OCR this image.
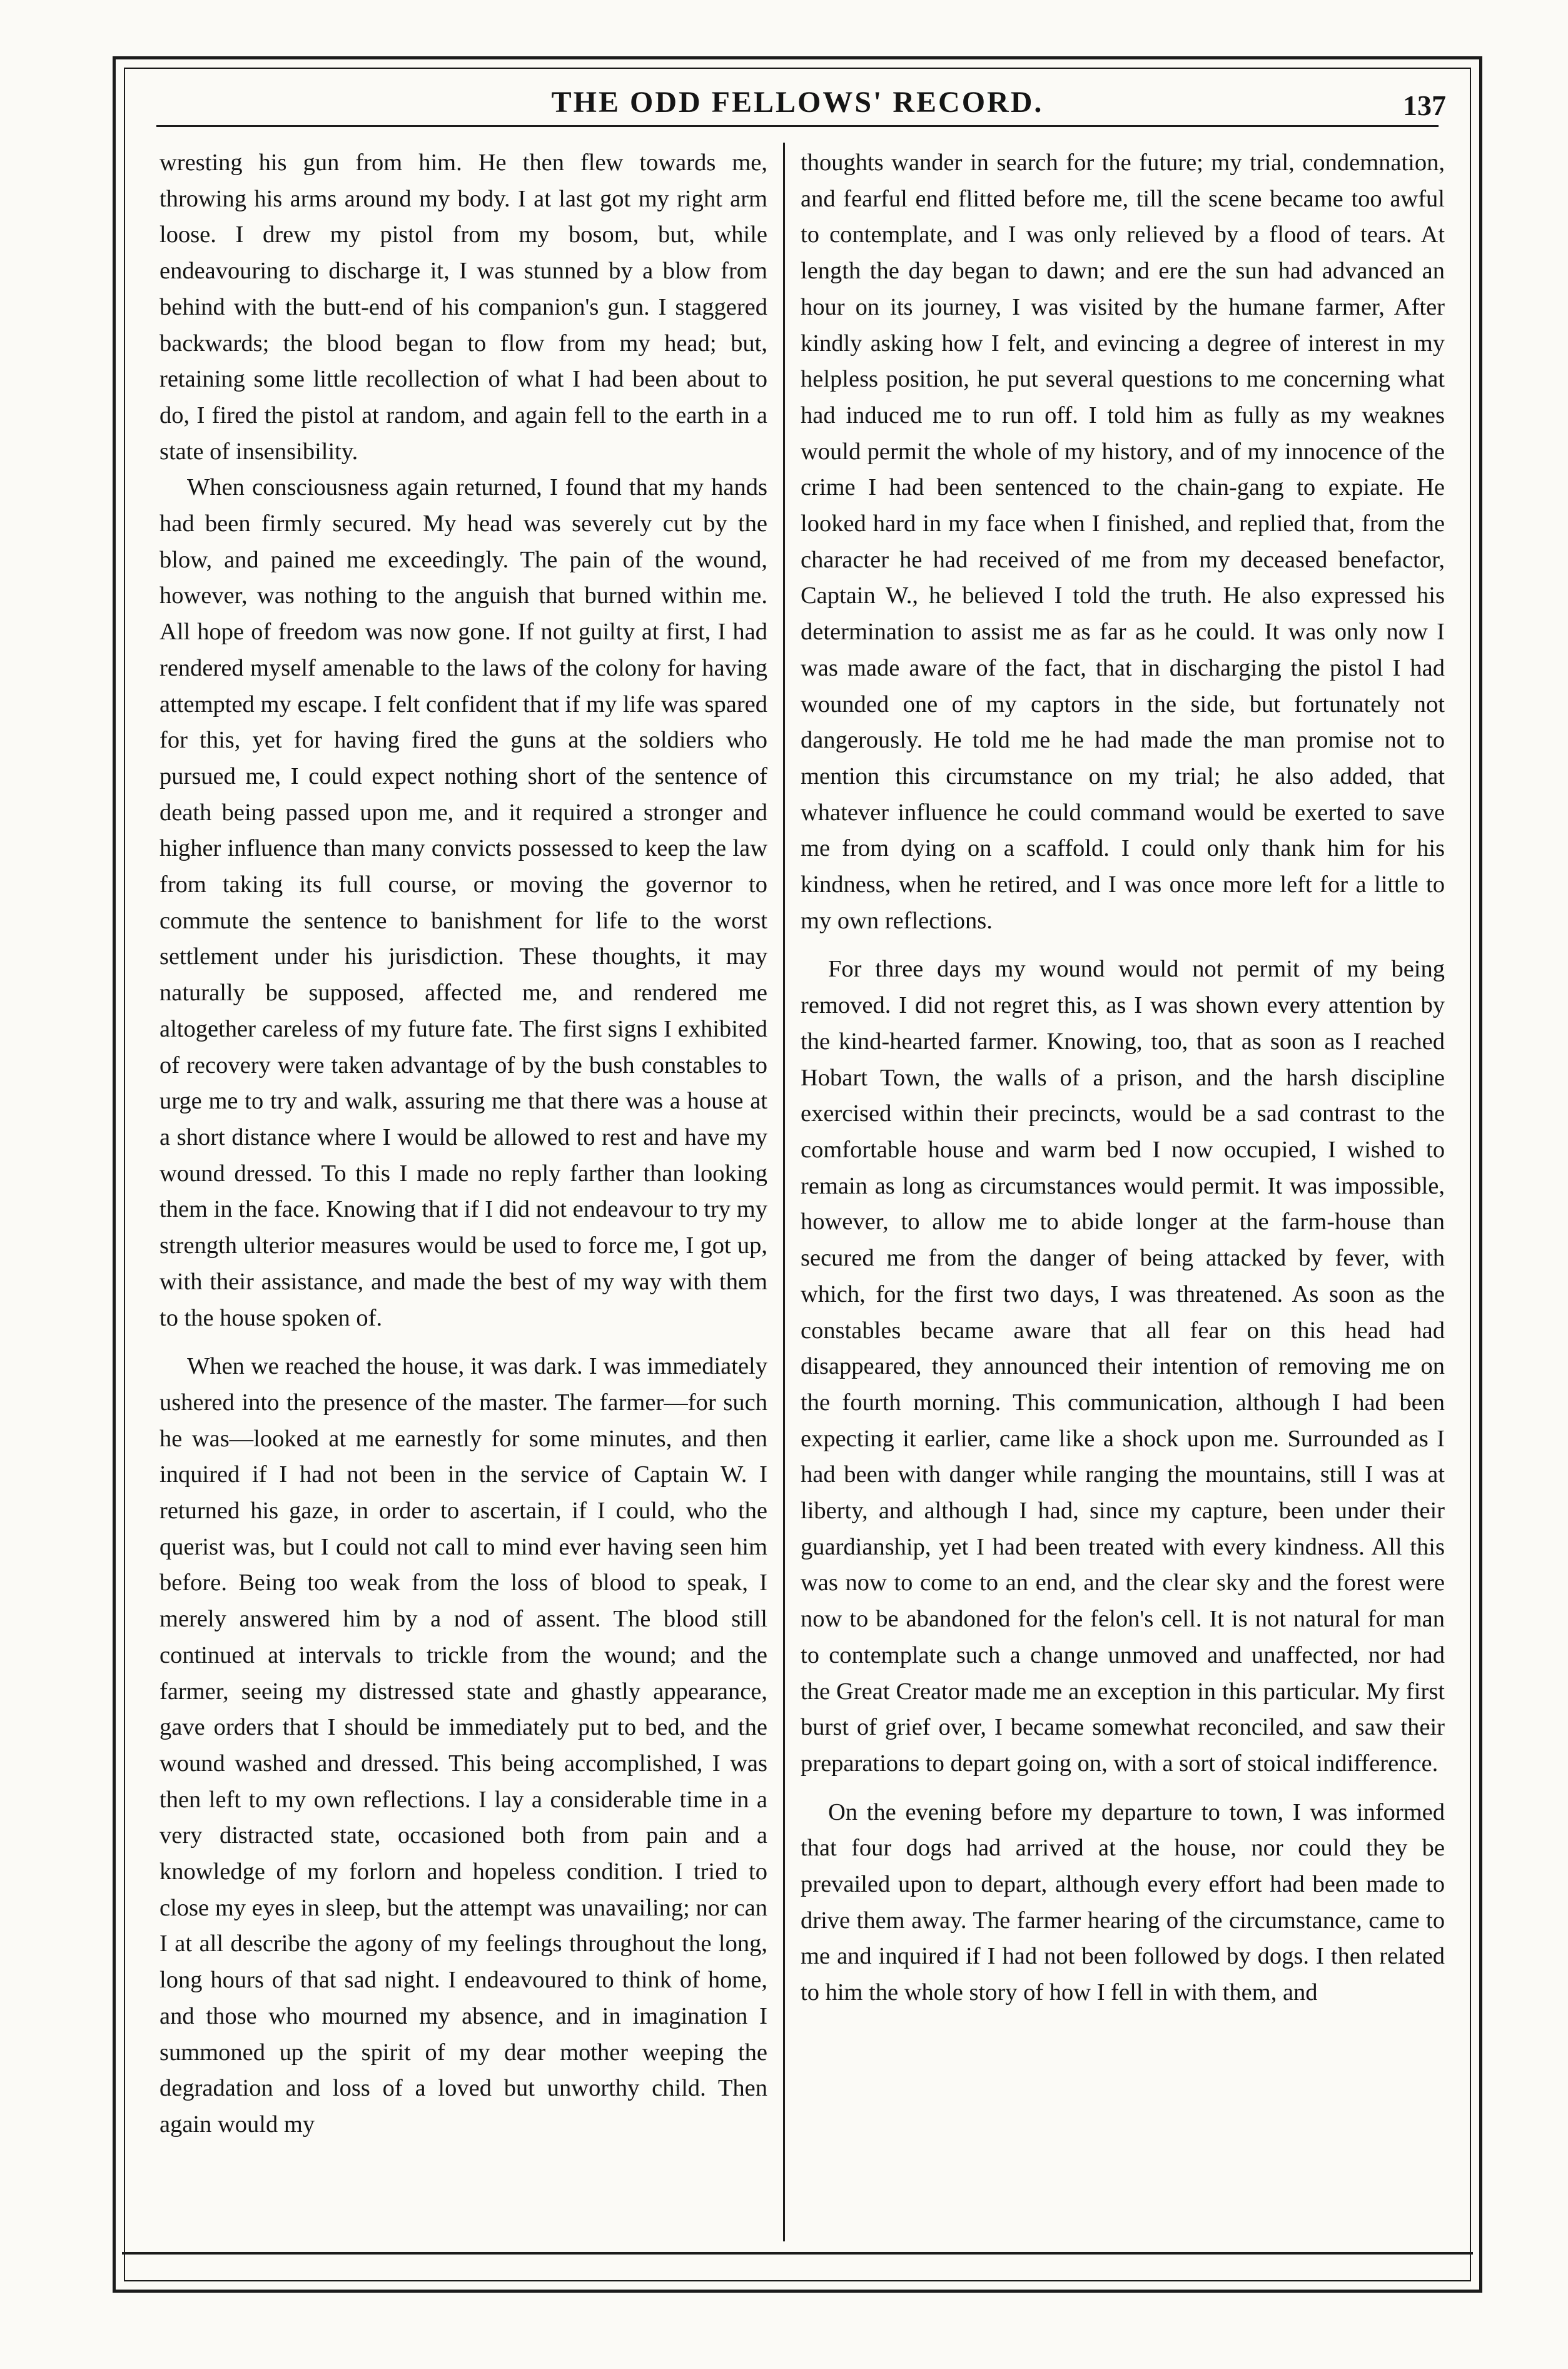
THE ODD FELLOWS' RECORD.	137

wresting his gun from him. He then flew towards me, throwing his arms around my body. I at last got my right arm loose. I drew my pistol from my bosom, but, while endeavouring to discharge it, I was stunned by a blow from behind with the butt-end of his companion's gun. I staggered backwards; the blood began to flow from my head; but, retaining some little recollection of what I had been about to do, I fired the pistol at random, and again fell to the earth in a state of insensibility.

When consciousness again returned, I found that my hands had been firmly secured. My head was severely cut by the blow, and pained me exceedingly. The pain of the wound, however, was nothing to the anguish that burned within me. All hope of freedom was now gone. If not guilty at first, I had rendered myself amenable to the laws of the colony for having attempted my escape. I felt confident that if my life was spared for this, yet for having fired the guns at the soldiers who pursued me, I could expect nothing short of the sentence of death being passed upon me, and it required a stronger and higher influence than many convicts possessed to keep the law from taking its full course, or moving the governor to commute the sentence to banishment for life to the worst settlement under his jurisdiction. These thoughts, it may naturally be supposed, affected me, and rendered me altogether careless of my future fate. The first signs I exhibited of recovery were taken advantage of by the bush constables to urge me to try and walk, assuring me that there was a house at a short distance where I would be allowed to rest and have my wound dressed. To this I made no reply farther than looking them in the face. Knowing that if I did not endeavour to try my strength ulterior measures would be used to force me, I got up, with their assistance, and made the best of my way with them to the house spoken of.

When we reached the house, it was dark. I was immediately ushered into the presence of the master. The farmer—for such he was—looked at me earnestly for some minutes, and then inquired if I had not been in the service of Captain W. I returned his gaze, in order to ascertain, if I could, who the querist was, but I could not call to mind ever having seen him before. Being too weak from the loss of blood to speak, I merely answered him by a nod of assent. The blood still continued at intervals to trickle from the wound; and the farmer, seeing my distressed state and ghastly appearance, gave orders that I should be immediately put to bed, and the wound washed and dressed. This being accomplished, I was then left to my own reflections. I lay a considerable time in a very distracted state, occasioned both from pain and a knowledge of my forlorn and hopeless condition. I tried to close my eyes in sleep, but the attempt was unavailing; nor can I at all describe the agony of my feelings throughout the long, long hours of that sad night. I endeavoured to think of home, and those who mourned my absence, and in imagination I summoned up the spirit of my dear mother weeping the degradation and loss of a loved but unworthy child. Then again would my

thoughts wander in search for the future; my trial, condemnation, and fearful end flitted before me, till the scene became too awful to contemplate, and I was only relieved by a flood of tears. At length the day began to dawn; and ere the sun had advanced an hour on its journey, I was visited by the humane farmer, After kindly asking how I felt, and evincing a degree of interest in my helpless position, he put several questions to me concerning what had induced me to run off. I told him as fully as my weaknes would permit the whole of my history, and of my innocence of the crime I had been sentenced to the chain-gang to expiate. He looked hard in my face when I finished, and replied that, from the character he had received of me from my deceased benefactor, Captain W., he believed I told the truth. He also expressed his determination to assist me as far as he could. It was only now I was made aware of the fact, that in discharging the pistol I had wounded one of my captors in the side, but fortunately not dangerously. He told me he had made the man promise not to mention this circumstance on my trial; he also added, that whatever influence he could command would be exerted to save me from dying on a scaffold. I could only thank him for his kindness, when he retired, and I was once more left for a little to my own reflections.

For three days my wound would not permit of my being removed. I did not regret this, as I was shown every attention by the kind-hearted farmer. Knowing, too, that as soon as I reached Hobart Town, the walls of a prison, and the harsh discipline exercised within their precincts, would be a sad contrast to the comfortable house and warm bed I now occupied, I wished to remain as long as circumstances would permit. It was impossible, however, to allow me to abide longer at the farm-house than secured me from the danger of being attacked by fever, with which, for the first two days, I was threatened. As soon as the constables became aware that all fear on this head had disappeared, they announced their intention of removing me on the fourth morning. This communication, although I had been expecting it earlier, came like a shock upon me. Surrounded as I had been with danger while ranging the mountains, still I was at liberty, and although I had, since my capture, been under their guardianship, yet I had been treated with every kindness. All this was now to come to an end, and the clear sky and the forest were now to be abandoned for the felon's cell. It is not natural for man to contemplate such a change unmoved and unaffected, nor had the Great Creator made me an exception in this particular. My first burst of grief over, I became somewhat reconciled, and saw their preparations to depart going on, with a sort of stoical indifference.

On the evening before my departure to town, I was informed that four dogs had arrived at the house, nor could they be prevailed upon to depart, although every effort had been made to drive them away. The farmer hearing of the circumstance, came to me and inquired if I had not been followed by dogs. I then related to him the whole story of how I fell in with them, and
